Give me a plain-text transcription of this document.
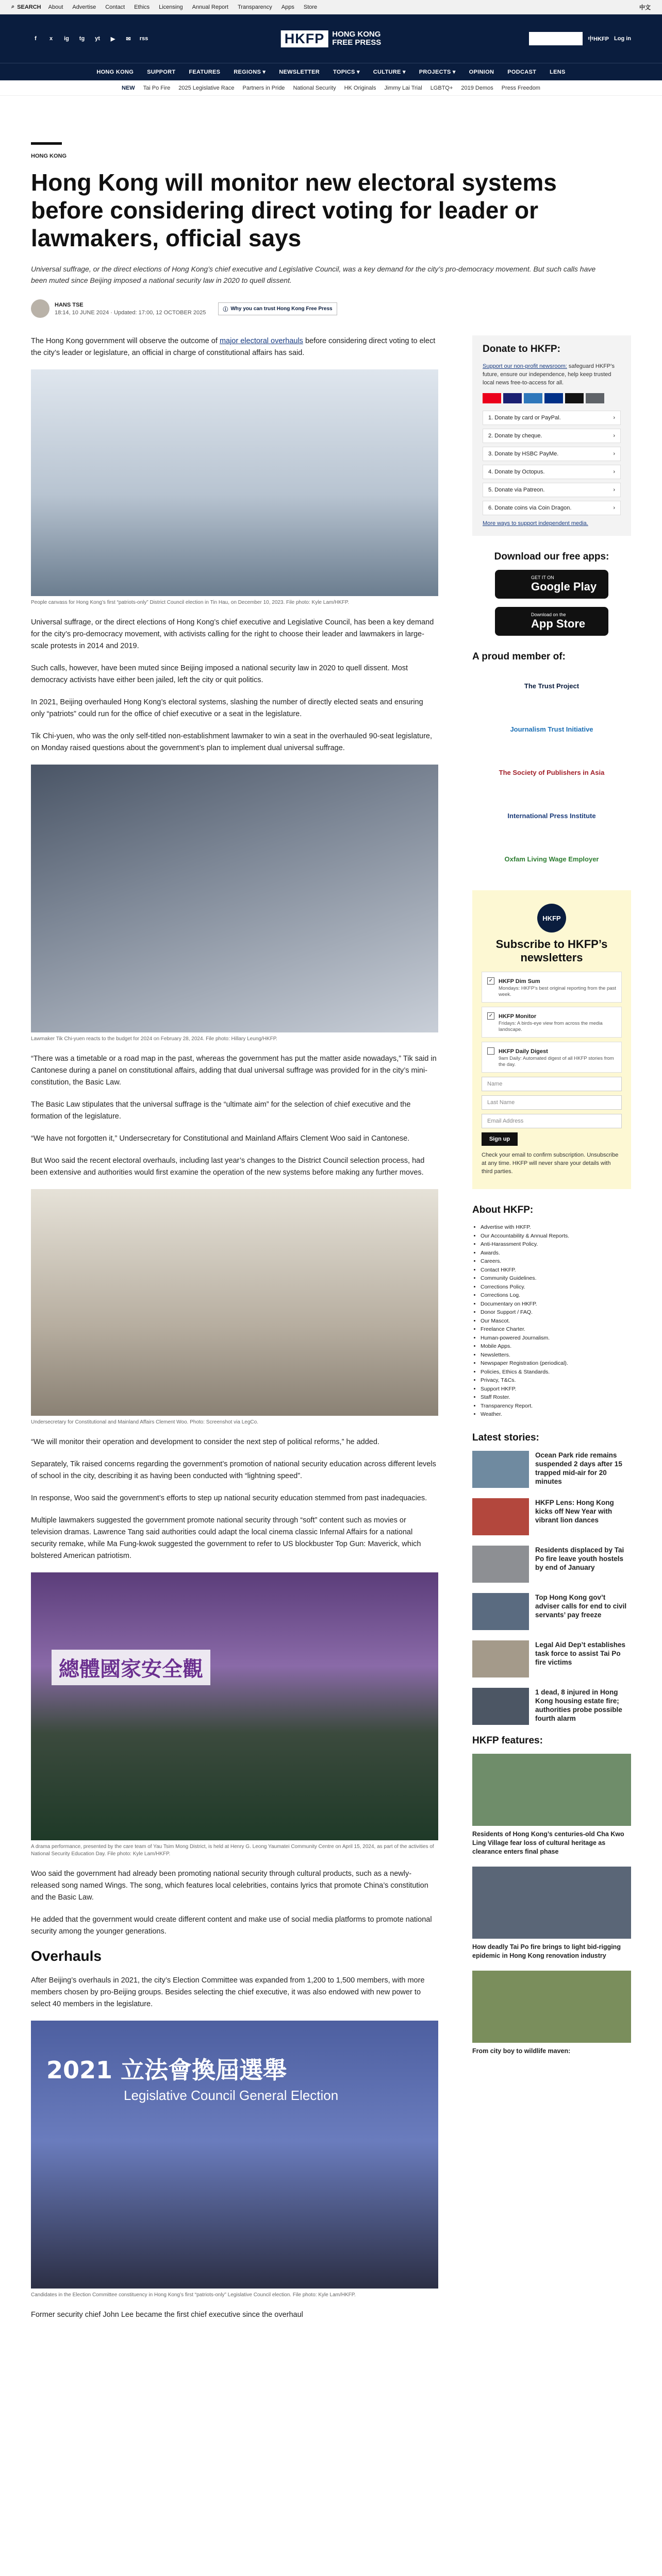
⌕ SEARCH About Advertise Contact Ethics Licensing Annual Report Transparency Apps Store	中文
f	x	ig	tg	yt	▶	✉	rss	HKFP	HONG KONG
FREE PRESS	SUPPORT HKFP	中HKFP Log in
HONG KONG SUPPORT FEATURES REGIONS ▾ NEWSLETTER TOPICS ▾ CULTURE ▾ PROJECTS ▾ OPINION PODCAST LENS
NEW Tai Po Fire 2025 Legislative Race Partners in Pride National Security HK Originals Jimmy Lai Trial LGBTQ+ 2019 Demos Press Freedom
HONG KONG
Hong Kong will monitor new electoral systems before considering direct voting for leader or lawmakers, official says

Universal suffrage, or the direct elections of Hong Kong’s chief executive and Legislative Council, was a key demand for the city’s pro-democracy movement. But such calls have been muted since Beijing imposed a national security law in 2020 to quell dissent.

HANS TSE
18:14, 10 JUNE 2024 · Updated: 17:00, 12 OCTOBER 2025	ⓘ Why you can trust Hong Kong Free Press

The Hong Kong government will observe the outcome of major electoral overhauls before considering direct voting to elect the city’s leader or legislature, an official in charge of constitutional affairs has said.

People canvass for Hong Kong’s first “patriots-only” District Council election in Tin Hau, on December 10, 2023. File photo: Kyle Lam/HKFP.

Universal suffrage, or the direct elections of Hong Kong’s chief executive and Legislative Council, has been a key demand for the city’s pro-democracy movement, with activists calling for the right to choose their leader and lawmakers in large-scale protests in 2014 and 2019.

Such calls, however, have been muted since Beijing imposed a national security law in 2020 to quell dissent. Most democracy activists have either been jailed, left the city or quit politics.

In 2021, Beijing overhauled Hong Kong’s electoral systems, slashing the number of directly elected seats and ensuring only “patriots” could run for the office of chief executive or a seat in the legislature.

Tik Chi-yuen, who was the only self-titled non-establishment lawmaker to win a seat in the overhauled 90-seat legislature, on Monday raised questions about the government’s plan to implement dual universal suffrage.

Lawmaker Tik Chi-yuen reacts to the budget for 2024 on February 28, 2024. File photo: Hillary Leung/HKFP.

“There was a timetable or a road map in the past, whereas the government has put the matter aside nowadays,” Tik said in Cantonese during a panel on constitutional affairs, adding that dual universal suffrage was provided for in the city’s mini-constitution, the Basic Law.

The Basic Law stipulates that the universal suffrage is the “ultimate aim” for the selection of chief executive and the formation of the legislature.

“We have not forgotten it,” Undersecretary for Constitutional and Mainland Affairs Clement Woo said in Cantonese.

But Woo said the recent electoral overhauls, including last year’s changes to the District Council selection process, had been extensive and authorities would first examine the operation of the new systems before making any further moves.

Undersecretary for Constitutional and Mainland Affairs Clement Woo. Photo: Screenshot via LegCo.

“We will monitor their operation and development to consider the next step of political reforms,” he added.

Separately, Tik raised concerns regarding the government’s promotion of national security education across different levels of school in the city, describing it as having been conducted with “lightning speed”.

In response, Woo said the government’s efforts to step up national security education stemmed from past inadequacies.

Multiple lawmakers suggested the government promote national security through “soft” content such as movies or television dramas. Lawrence Tang said authorities could adapt the local cinema classic Infernal Affairs for a national security remake, while Ma Fung-kwok suggested the government to refer to US blockbuster Top Gun: Maverick, which bolstered American patriotism.

總體國家安全觀
A drama performance, presented by the care team of Yau Tsim Mong District, is held at Henry G. Leong Yaumatei Community Centre on April 15, 2024, as part of the activities of National Security Education Day. File photo: Kyle Lam/HKFP.

Woo said the government had already been promoting national security through cultural products, such as a newly-released song named Wings. The song, which features local celebrities, contains lyrics that promote China’s constitution and the Basic Law.

He added that the government would create different content and make use of social media platforms to promote national security among the younger generations.

Overhauls

After Beijing’s overhauls in 2021, the city’s Election Committee was expanded from 1,200 to 1,500 members, with more members chosen by pro-Beijing groups. Besides selecting the chief executive, it was also endowed with new power to select 40 members in the legislature.

2021 立法會換屆選舉
Legislative Council General Election
Candidates in the Election Committee constituency in Hong Kong’s first “patriots-only” Legislative Council election. File photo: Kyle Lam/HKFP.

Former security chief John Lee became the first chief executive since the overhaul

Donate to HKFP:

Support our non-profit newsroom: safeguard HKFP’s future, ensure our independence, help keep trusted local news free-to-access for all.

1. Donate by card or PayPal.	›
2. Donate by cheque.	›
3. Donate by HSBC PayMe.	›
4. Donate by Octopus.	›
5. Donate via Patreon.	›
6. Donate coins via Coin Dragon.	›

More ways to support independent media.

Download our free apps:
GET IT ON
Google Play
Download on the
App Store
A proud member of:
The Trust Project
Journalism Trust Initiative
The Society of Publishers in Asia
International Press Institute
Oxfam Living Wage Employer
HKFP
Subscribe to HKFP’s newsletters
✓ HKFP Dim Sum
Mondays: HKFP’s best original reporting from the past week.
✓ HKFP Monitor
Fridays: A birds-eye view from across the media landscape.
HKFP Daily Digest
9am Daily: Automated digest of all HKFP stories from the day.
Name
Last Name
Email Address
Sign up

Check your email to confirm subscription. Unsubscribe at any time. HKFP will never share your details with third parties.

About HKFP:
• Advertise with HKFP.
• Our Accountability & Annual Reports.
• Anti-Harassment Policy.
• Awards.
• Careers.
• Contact HKFP.
• Community Guidelines.
• Corrections Policy.
• Corrections Log.
• Documentary on HKFP.
• Donor Support / FAQ.
• Our Mascot.
• Freelance Charter.
• Human-powered Journalism.
• Mobile Apps.
• Newsletters.
• Newspaper Registration (periodical).
• Policies, Ethics & Standards.
• Privacy, T&Cs.
• Support HKFP.
• Staff Roster.
• Transparency Report.
• Weather.
Latest stories:
Ocean Park ride remains suspended 2 days after 15 trapped mid-air for 20 minutes
HKFP Lens: Hong Kong kicks off New Year with vibrant lion dances
Residents displaced by Tai Po fire leave youth hostels by end of January
Top Hong Kong gov’t adviser calls for end to civil servants’ pay freeze
Legal Aid Dep’t establishes task force to assist Tai Po fire victims
1 dead, 8 injured in Hong Kong housing estate fire; authorities probe possible fourth alarm
HKFP features:
Residents of Hong Kong’s centuries-old Cha Kwo Ling Village fear loss of cultural heritage as clearance enters final phase
How deadly Tai Po fire brings to light bid-rigging epidemic in Hong Kong renovation industry
From city boy to wildlife maven:
